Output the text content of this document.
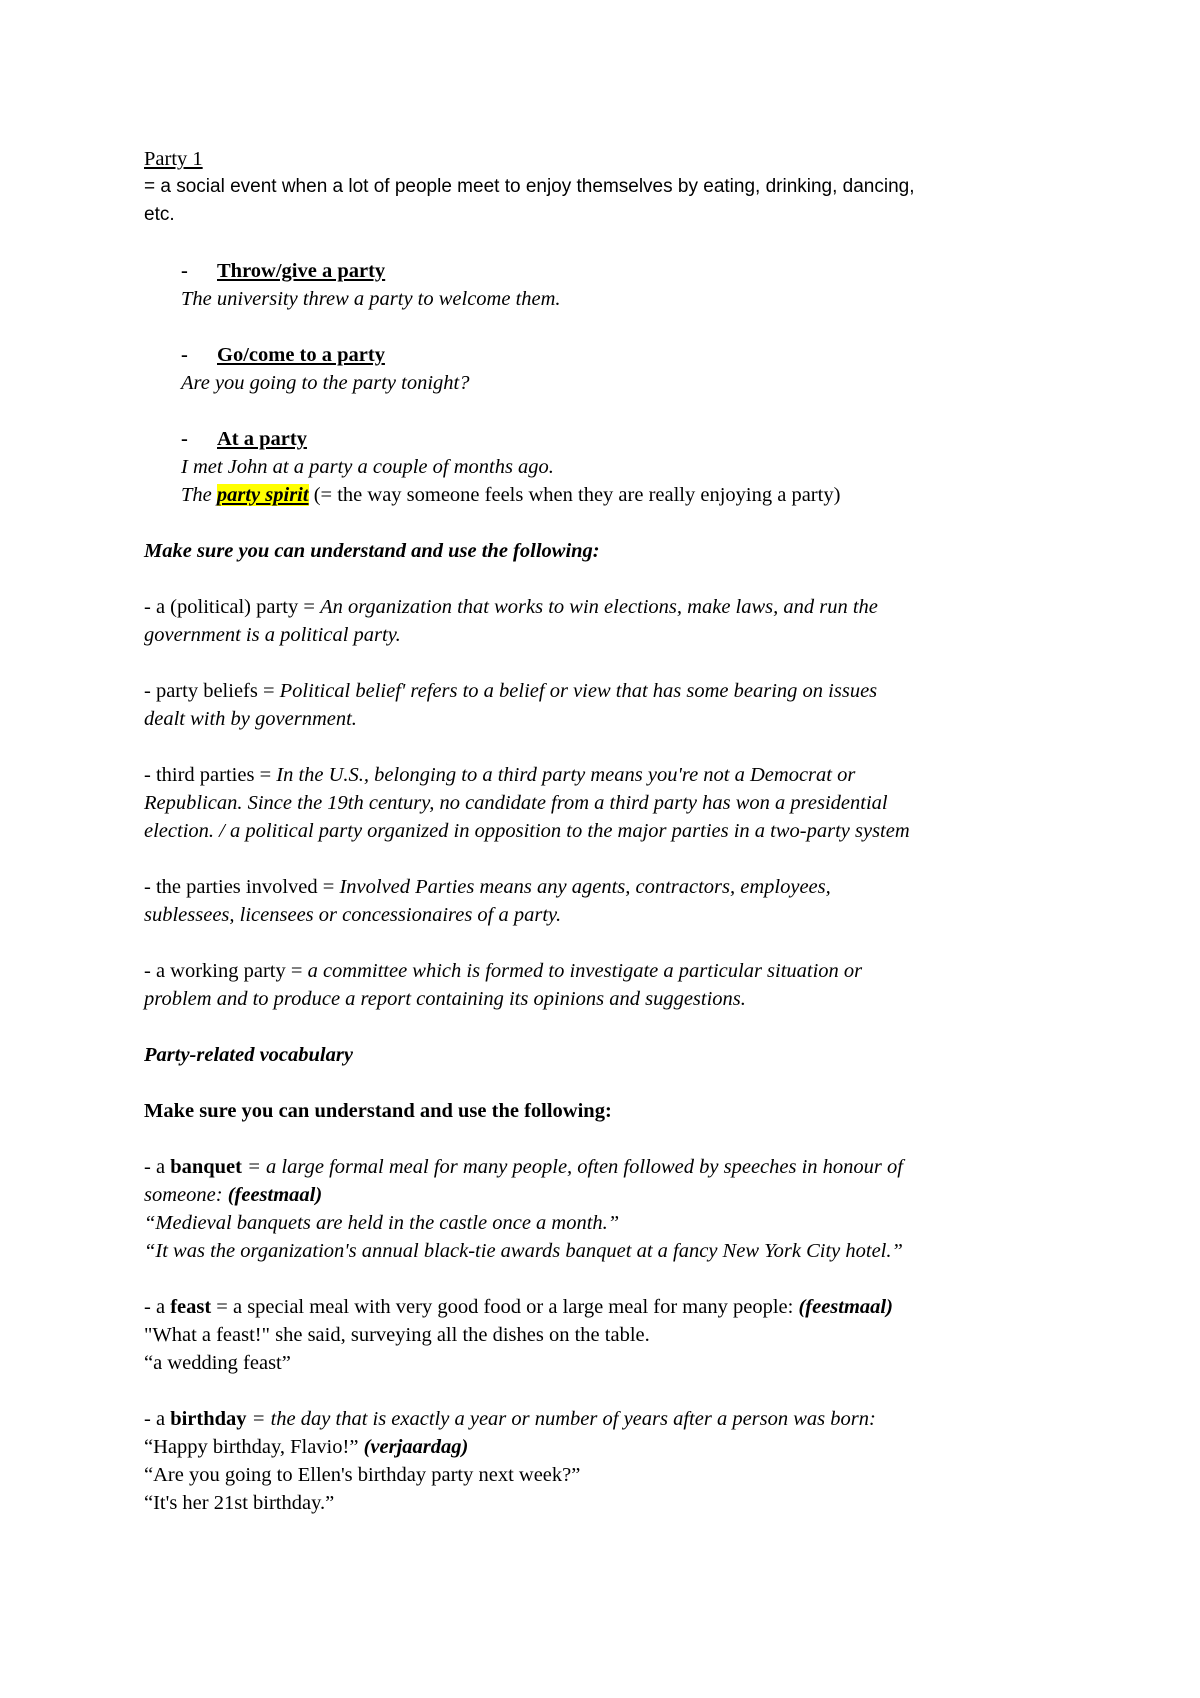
Party 1
= a social event when a lot of people meet to enjoy themselves by eating, drinking, dancing,
etc.
- Throw/give a party
The university threw a party to welcome them.
- Go/come to a party
Are you going to the party tonight?
- At a party
I met John at a party a couple of months ago.
The party spirit (= the way someone feels when they are really enjoying a party)
Make sure you can understand and use the following:
- a (political) party = An organization that works to win elections, make laws, and run the
government is a political party.
- party beliefs = Political belief' refers to a belief or view that has some bearing on issues
dealt with by government.
- third parties = In the U.S., belonging to a third party means you're not a Democrat or
Republican. Since the 19th century, no candidate from a third party has won a presidential
election. / a political party organized in opposition to the major parties in a two-party system
- the parties involved = Involved Parties means any agents, contractors, employees,
sublessees, licensees or concessionaires of a party.
- a working party = a committee which is formed to investigate a particular situation or
problem and to produce a report containing its opinions and suggestions.
Party-related vocabulary
Make sure you can understand and use the following:
- a banquet = a large formal meal for many people, often followed by speeches in honour of
someone: (feestmaal)
“Medieval banquets are held in the castle once a month.”
“It was the organization's annual black-tie awards banquet at a fancy New York City hotel.”
- a feast = a special meal with very good food or a large meal for many people: (feestmaal)
"What a feast!" she said, surveying all the dishes on the table.
“a wedding feast”
- a birthday = the day that is exactly a year or number of years after a person was born:
“Happy birthday, Flavio!” (verjaardag)
“Are you going to Ellen's birthday party next week?”
“It's her 21st birthday.”
